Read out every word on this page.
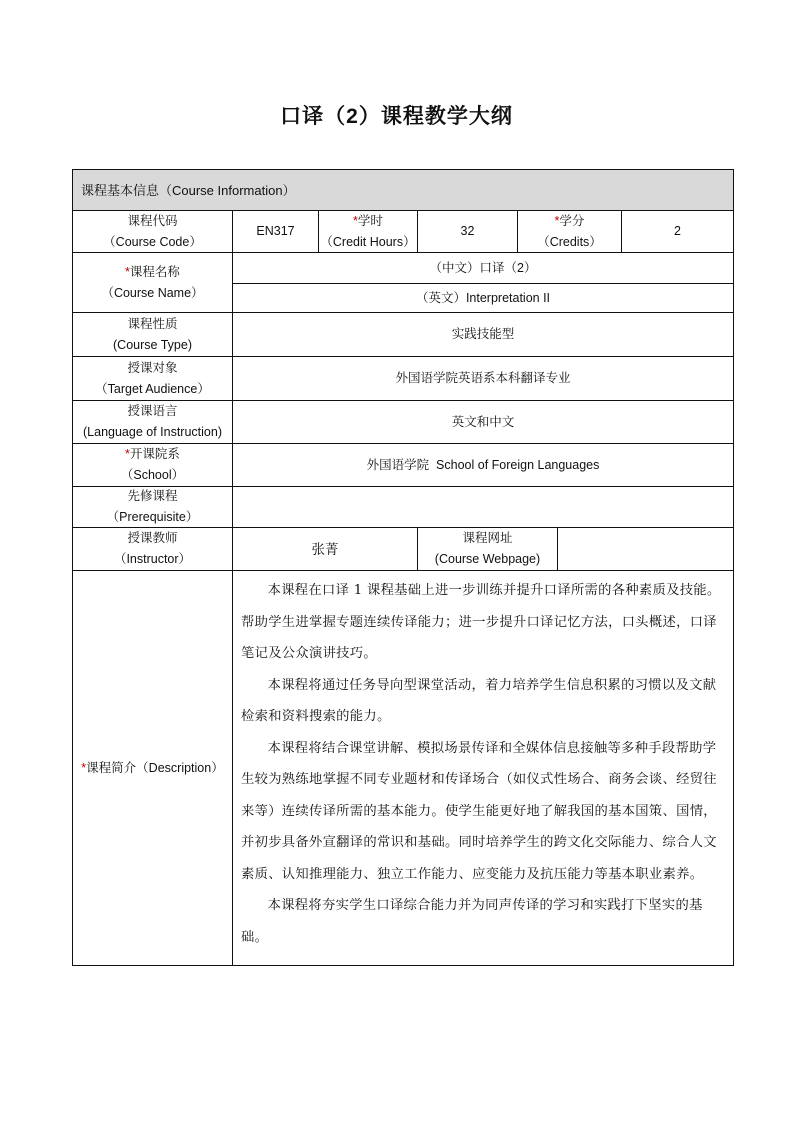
口译（2）课程教学大纲
课程基本信息（Course Information）
课程代码
（Course Code）
EN317
*学时
（Credit Hours）
32
*学分
（Credits）
2
*课程名称
（Course Name）
（中文）口译（2）
（英文）Interpretation II
课程性质
(Course Type)
实践技能型
授课对象
（Target Audience）
外国语学院英语系本科翻译专业
授课语言
(Language of Instruction)
英文和中文
*开课院系
（School）
外国语学院  School of Foreign Languages
先修课程
（Prerequisite）
授课教师
（Instructor）
张菁
课程网址
(Course Webpage)
*课程简介（Description）

本课程在口译 1 课程基础上进一步训练并提升口译所需的各种素质及技能。帮助学生进掌握专题连续传译能力；进一步提升口译记忆方法，口头概述，口译笔记及公众演讲技巧。

本课程将通过任务导向型课堂活动，着力培养学生信息积累的习惯以及文献检索和资料搜索的能力。

本课程将结合课堂讲解、模拟场景传译和全媒体信息接触等多种手段帮助学生较为熟练地掌握不同专业题材和传译场合（如仪式性场合、商务会谈、经贸往来等）连续传译所需的基本能力。使学生能更好地了解我国的基本国策、国情，并初步具备外宣翻译的常识和基础。同时培养学生的跨文化交际能力、综合人文素质、认知推理能力、独立工作能力、应变能力及抗压能力等基本职业素养。

本课程将夯实学生口译综合能力并为同声传译的学习和实践打下坚实的基础。
